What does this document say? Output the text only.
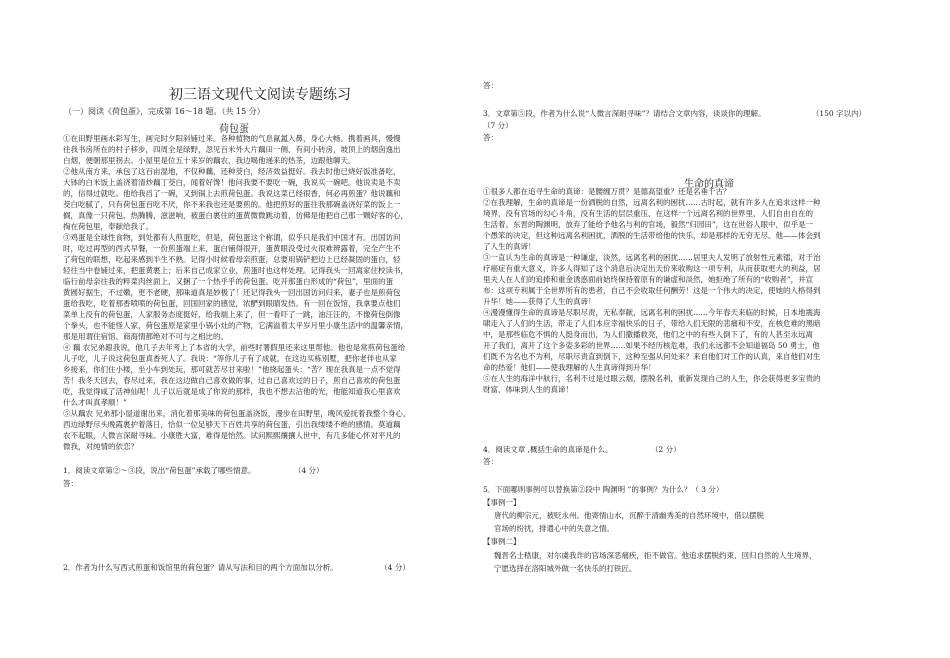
初三语文现代文阅读专题练习
（一）阅读《荷包蛋》，完成第 16～18 题。（共 15 分）
荷包蛋
①在田野里画水彩写生，画完时夕阳斜铺过来。各种植物的气息氤氲入鼻，身心大畅。携着画具，慢慢
往我书房所在的村子移步，四周全是绿野，忽见百米外大片藕田一侧，有间小砖房，坡顶上的烟囱逸出
白烟，便朝那里拐去。小屋里是位五十来岁的藕农，我边喝他递来的热茶，边跟他聊天。
②他从南方来，承包了这百亩湿地，不仅种藕，还种茭白，经济效益挺好。我去时他已烧好饭准备吃，
大钵的白米饭上盖浇着清炒藕丁茭白，闻着好馋！他问我要不要吃一碗，我说买一碗吧。他说卖是不卖
的，信得过就吃。他给我舀了一碗，又到锅上去煎荷包蛋。我说这菜已经很香，何必再煎蛋？他说藕和
茭白吃腻了，只有荷包蛋百吃不厌，你不来我也还是要煎的。他把煎好的蛋往我那碗盖浇好菜的饭上一
搁，真像一只荷包，热腾腾，滋滋响，被蛋白裹住的蛋黄微微跳动着，仿佛是他把自己那一颗好客的心，
掏在荷包里，奉献给我了。
③鸡蛋是全球性食物，到处都有人煎蛋吃，但是，荷包蛋这个称谓，似乎只是我们中国才有。出国访问
时，吃过再型的西式早餐，一份煎蛋端上来，蛋白铺得很开，蛋黄眼没受过火很难辨露着，完全产生不
了荷包的联想，吃起来感到半生不熟。记得小时候看母亲煎蛋，总要用锅铲把边上已经凝固的蛋白，轻
轻往当中卷铺过来，把蛋黄裹上；后来自己成家立业，煎蛋时也这样处理。记得我头一回离家住校读书，
临行前母亲往我的粹菜肉丝面上，又捆了一个热乎乎的荷包蛋。吃开那蛋白形成的“荷包”，里面的蛋
黄圆好据生，不过嫩，更不老硬，那味道真是妙极了！还记得我头一回出国访问归来，妻子也是煎荷包
蛋给我吃，吃着那香喷喷的荷包蛋，回国回家的感觉，浓酽到眼睛发热。有一回在饭馆，我拿要点他们
菜单上没有的荷包蛋，人家服务态度挺好，给我端上来了，但一看吓了一跳，油汪汪的，不像荷包倒像
个拳头，也不能怪人家，荷包蛋原是家里小锅小灶的产物，它满溢着太平岁月里小康生活中的温馨亲情，
那是用谓住宿馆、商海情都绝对不可与之相比的。
④ 藕 农兄弟跟我说，他几子去年考上了本省的大学，前些时署假里还来这里帮他。他也是常煎荷包蛋给
儿子吃，儿子说这荷包蛋真香死人了。我说：“等你儿子有了成就，在这边买栋别墅，把你老伴也从家
乡接来，你们住小楼，坐小车到处玩，那可就苦尽甘来啦！”他挠起蛋头：“苦？现在我真是一点不觉得
苦！我冬天回去，春尽过来，我在这边做自己喜欢做的事，过自己喜欢过的日子，煎自己喜欢的荷包蛋
吃，我觉得咸了活神仙呢！儿子以后就是成了你说的那样，我也不想去沾他的光，他能知道我心里喜欢
什么才叫真孝顺！”
⑤从藕农 兄弟那小屋道谢出来，消化着那美味的荷包蛋盖浇饭，漫步在田野里，晚风爱抚着我整个身心，
西边绿野尽头晚霞裹护着落日，恰似一位足够天下百姓共享的荷包蛋，引出我缕缕不绝的感情。莫道藕
农不起眼，人微言深耐寻味。小康胜大富，难得是怡然。试问熙熙攘攘人世中，有几多能心怀对平凡的
微我，对纯情的依恋？
1．阅读文章第②～③段，说出“荷包蛋”承载了哪些情意。	（4 分）
答：
2．作者为什么写西式煎蛋和饭馆里的荷包蛋？请从写法和目的两个方面加以分析。	（4 分）
答：
3．文章第⑤段，作者为什么说“人微言深耐寻味”？请结合文章内容，谈谈你的理解。	（150 字以内）
（7 分）
答：
生命的真谛
①很多人都在追寻生命的真谛：是腰缠万贯？是德高望重？还是名垂千古？
②在我理解，生命的真谛是一份洒脱的自然，远离名利的困扰……古时起，就有许多人在追求这样一种
境界，没有官场的勾心斗角，没有生活的层层重压，在这样一个远离名利的世界里，人们自由自在的
生活着。东晋的陶渊明，放弃了能给予他名与利的官场，毅然“归园田”，这在世俗人眼中，似乎是一
个愚笨的决定，但这种远离名利困扰，洒脱的生活带给他的快乐，却是那样的无穷无尽。他——体会到
了人生的真谛！
③一直认为生命的真谛是一种谦虚，淡然，远离名利的困扰……居里夫人发明了放射性元素镭，对于治
疗癌症有重大意义，许多人得知了这个消息后决定出天价来收购这一项专利，从而获取更大的利益，居
里夫人在人们的追捧和重金诱惑面前始终保持着原有的谦虚和淡然，她拒绝了所有的“收购者”，并宣
布：这项专利属于全世界所有的患者，自己不会收取任何酬劳！这是一个伟大的决定，使她的人格得到
升华！她——获得了人生的真谛！
④漫漫懂得生命的真谛是尽职尽责，无私奉献，远离名利的困扰……今年春天来临的时候，日本地震海
啸走入了人们的生活，带走了人们本应幸福快乐的日子，带给人们无限的悲痛和不安，在核危难的黑暗
中，是那些临危不惧的人挺身而出，为人们撒播救亮，他们之中的有些人倒下了，有的人甚至永远离
开了我们，离开了这个多姿多彩的世界……如果不经历核危难，我们永远都不会知道福岛 50 勇士，他
们既不为名也不为利，尽职尽责直到倒下，这种至强从何处来？来自他们对工作的认真，来自他们对生
命的热爱！他们——使我理解的人生真谛得到升华！
⑤在人生的海洋中航行，名利不过是过眼云烟，摆脱名利，重新发现自己的人生，你会获得更多宝贵的
财富，体味到人生的真谛！
4．阅读文章 ,概括生命的真谛是什么。	（2 分）
答：
5．下面哪则事例可以替换第②段中 陶渊明 ”的事例？为什么？（ 3 分）
【事例一】
唐代的柳宗元，被贬永州。他寄情山水，沉醉于清幽秀美的自然环境中，借以摆脱
官场的纷扰，排遣心中的失意之情。
【事例二】
魏晋名士嵇康，对尔虞我诈的官场深恶痛疾，拒不做官。他追求摆脱约束、回归自然的人生境界，
宁愿选择在洛阳城外做一名快乐的打铁匠。
